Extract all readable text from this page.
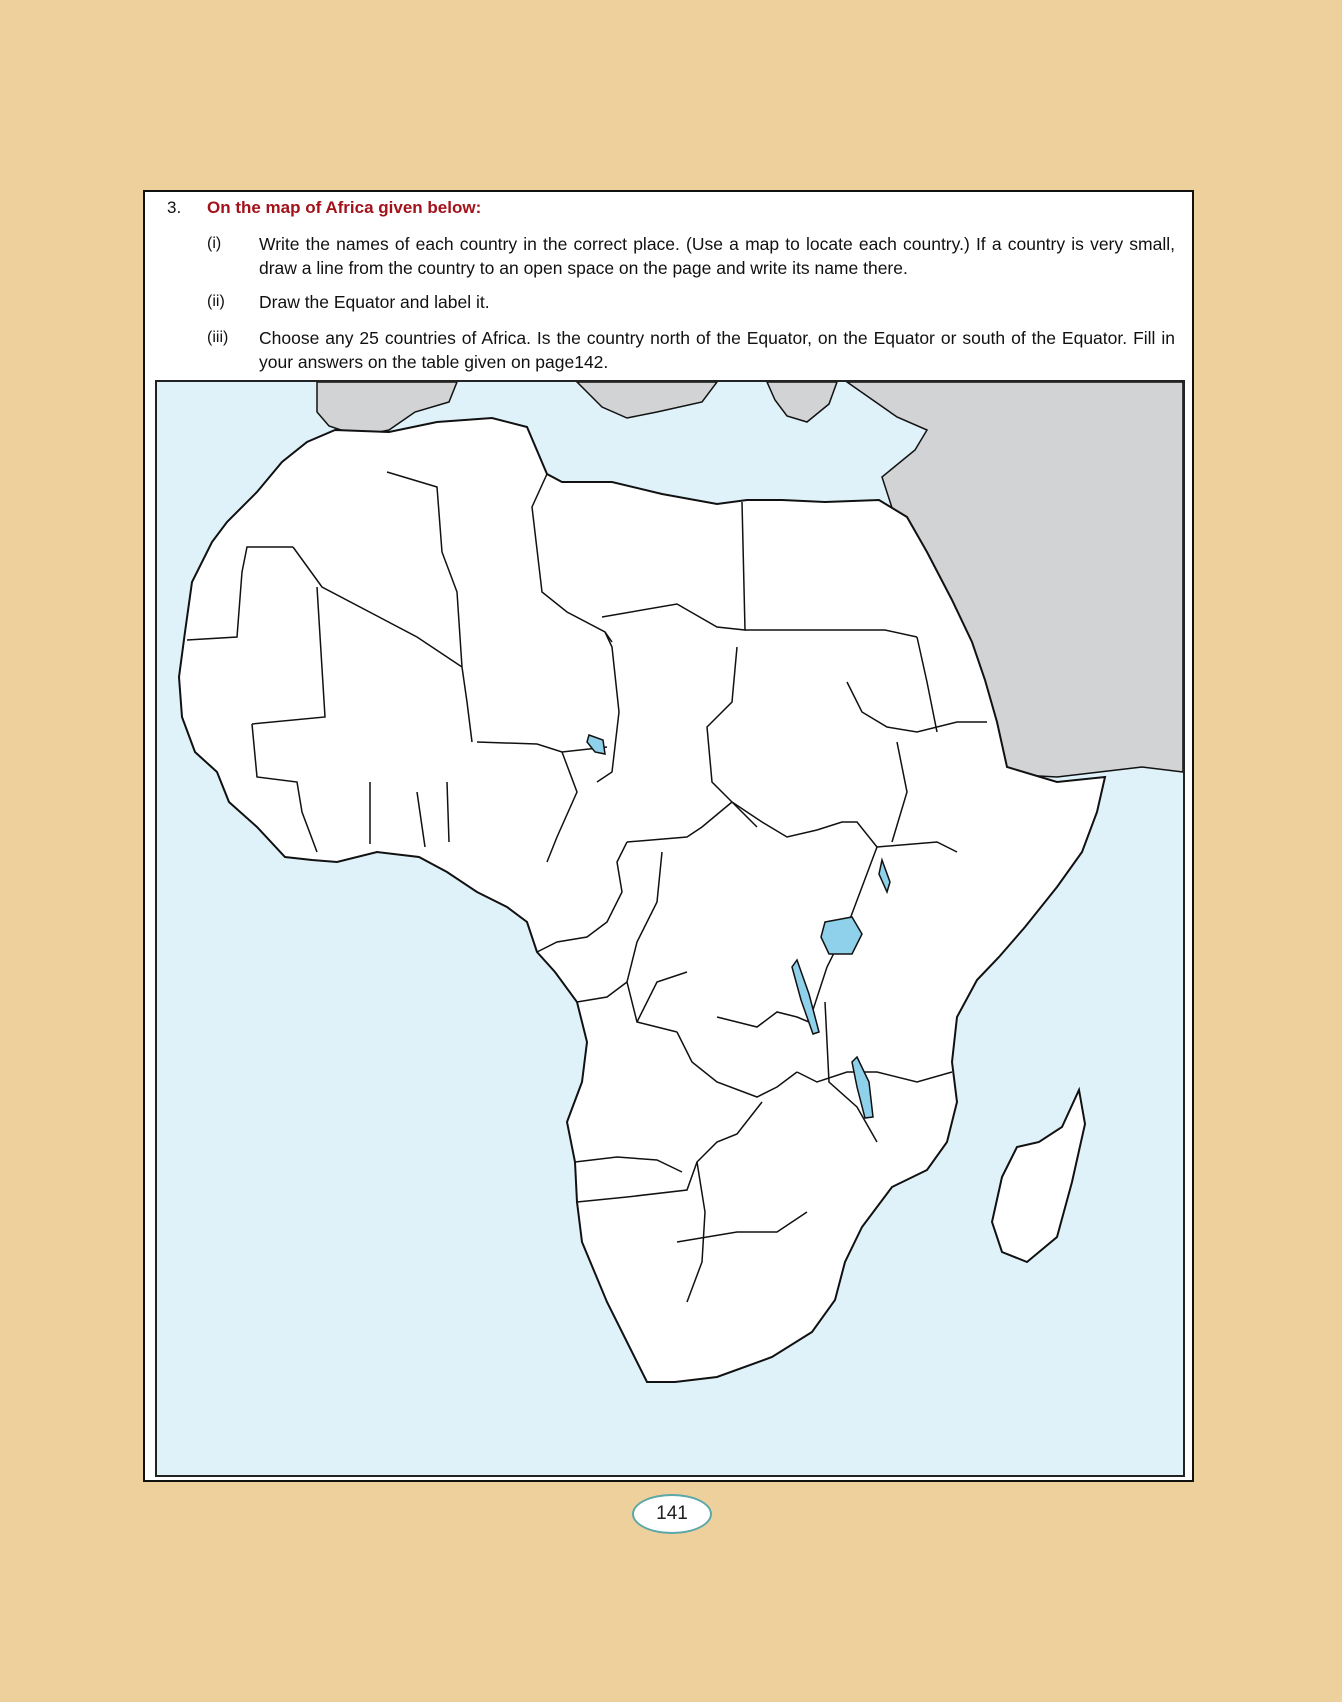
3. On the map of Africa given below:
(i)	Write the names of each country in the correct place. (Use a map to locate each country.) If a country is very small, draw a line from the country to an open space on the page and write its name there.
(ii)	Draw the Equator and label it.
(iii)	Choose any 25 countries of Africa. Is the country north of the Equator, on the Equator or south of the Equator. Fill in your answers on the table given on page142.
141
